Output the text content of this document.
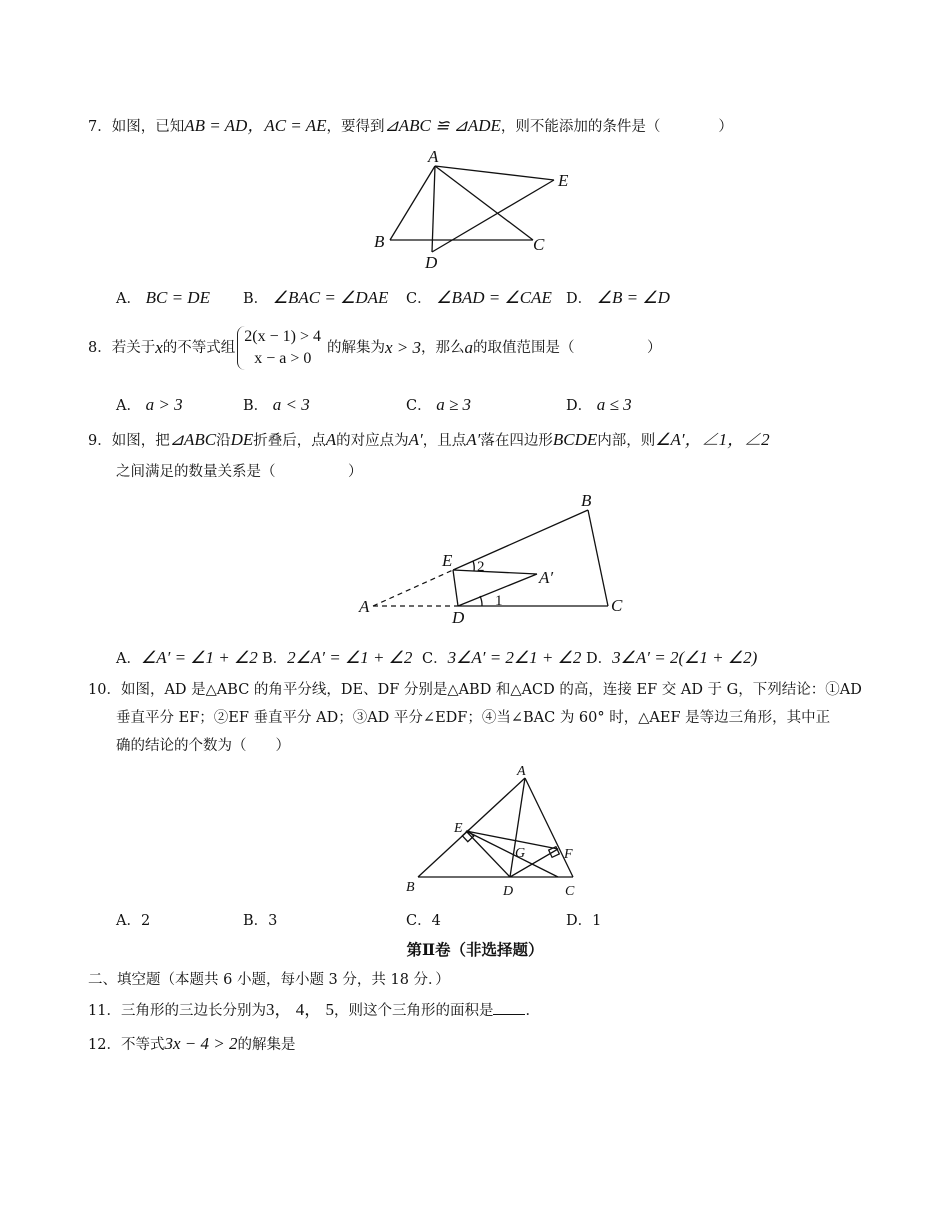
7．如图，已知AB = AD，AC = AE，要得到⊿ABC ≌ ⊿ADE，则不能添加的条件是（　　　　）
A
E
B	C
D
A． BC = DE B． ∠BAC = ∠DAE C． ∠BAD = ∠CAE D． ∠B = ∠D
8．若关于x的不等式组2(x − 1) > 4
x − a > 0的解集为x > 3，那么a的取值范围是（　　　　　）
A． a > 3	B． a < 3	C． a ≥ 3	D． a ≤ 3
9．如图，把⊿ABC沿DE折叠后，点A的对应点为A′，且点A′落在四边形BCDE内部，则∠A′，∠1，∠2
之间满足的数量关系是（　　　　　）
B
E 2
A′
1
A
D
C
A．∠A′ = ∠1 + ∠2 B．2∠A′ = ∠1 + ∠2 C．3∠A′ = 2∠1 + ∠2 D．3∠A′ = 2(∠1 + ∠2)
10．如图，AD 是△ABC 的角平分线，DE、DF 分别是△ABD 和△ACD 的高，连接 EF 交 AD 于 G，下列结论：①AD
垂直平分 EF；②EF 垂直平分 AD；③AD 平分∠EDF；④当∠BAC 为 60° 时，△AEF 是等边三角形，其中正
确的结论的个数为（　　）
A
E
G	F
B	D	C
A．2	B．3	C．4	D．1
第Ⅱ卷（非选择题）
二、填空题（本题共 6 小题，每小题 3 分，共 18 分．）
11．三角形的三边长分别为3， 4， 5，则这个三角形的面积是 ．
12．不等式3x − 4 > 2的解集是
